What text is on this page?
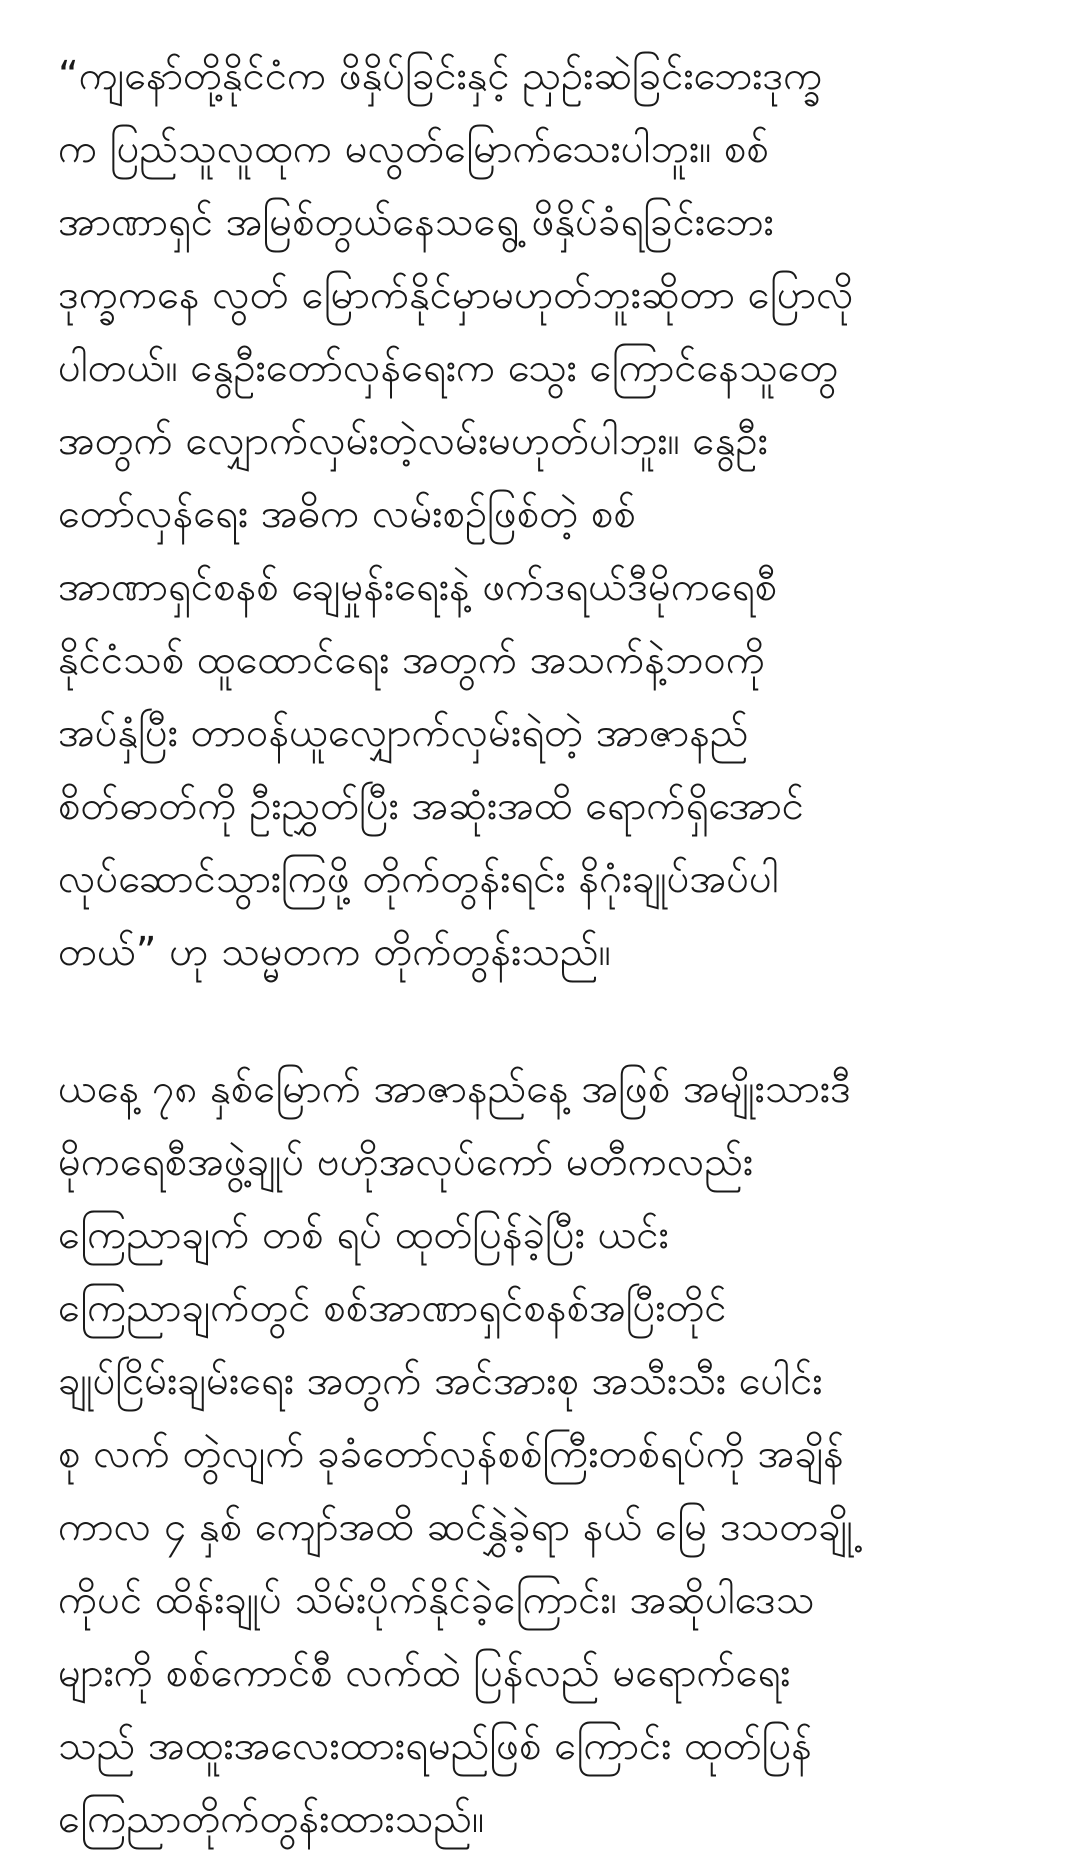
“ကျနော်တို့နိုင်ငံက ဖိနှိပ်ခြင်းနှင့် ညှဉ်းဆဲခြင်းဘေးဒုက္ခ
က ပြည်သူလူထုက မလွတ်မြောက်သေးပါဘူး။ စစ်
အာဏာရှင် အမြစ်တွယ်နေသရွေ့ ဖိနှိပ်ခံရခြင်းဘေး
ဒုက္ခကနေ လွတ် မြောက်နိုင်မှာမဟုတ်ဘူးဆိုတာ ပြောလို
ပါတယ်။ နွေဦးတော်လှန်ရေးက သွေး ကြောင်နေသူတွေ
အတွက် လျှောက်လှမ်းတဲ့လမ်းမဟုတ်ပါဘူး။ နွေဦး
တော်လှန်ရေး အဓိက လမ်းစဉ်ဖြစ်တဲ့ စစ်
အာဏာရှင်စနစ် ချေမှုန်းရေးနဲ့ ဖက်ဒရယ်ဒီမိုကရေစီ
နိုင်ငံသစ် ထူထောင်ရေး အတွက် အသက်နဲ့ဘဝကို
အပ်နှံပြီး တာဝန်ယူလျှောက်လှမ်းရဲတဲ့ အာဇာနည်
စိတ်ဓာတ်ကို ဦးညွှတ်ပြီး အဆုံးအထိ ရောက်ရှိအောင်
လုပ်ဆောင်သွားကြဖို့ တိုက်တွန်းရင်း နိဂုံးချုပ်အပ်ပါ
တယ်” ဟု သမ္မတက တိုက်တွန်းသည်။
ယနေ့ ၇၈ နှစ်မြောက် အာဇာနည်နေ့ အဖြစ် အမျိုးသားဒီ
မိုကရေစီအဖွဲ့ချုပ် ဗဟိုအလုပ်ကော် မတီကလည်း
ကြေညာချက် တစ် ရပ် ထုတ်ပြန်ခဲ့ပြီး ယင်း
ကြေညာချက်တွင် စစ်အာဏာရှင်စနစ်အပြီးတိုင်
ချုပ်ငြိမ်းချမ်းရေး အတွက် အင်အားစု အသီးသီး ပေါင်း
စု လက် တွဲလျက် ခုခံတော်လှန်စစ်ကြီးတစ်ရပ်ကို အချိန်
ကာလ ၄ နှစ် ကျော်အထိ ဆင်နွှဲခဲ့ရာ နယ် မြေ ဒသတချို့
ကိုပင် ထိန်းချုပ် သိမ်းပိုက်နိုင်ခဲ့ကြောင်း၊ အဆိုပါဒေသ
များကို စစ်ကောင်စီ လက်ထဲ ပြန်လည် မရောက်ရေး
သည် အထူးအလေးထားရမည်ဖြစ် ကြောင်း ထုတ်ပြန်
ကြေညာတိုက်တွန်းထားသည်။
